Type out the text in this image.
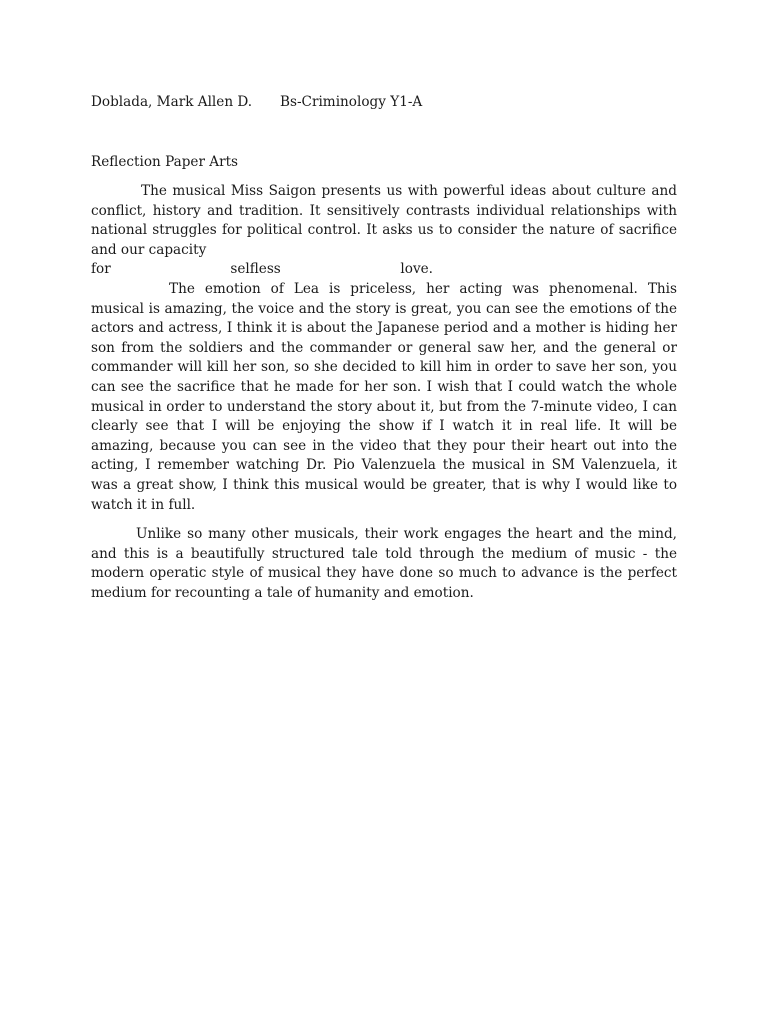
Doblada, Mark Allen D. Bs-Criminology Y1-A
Reflection Paper Arts

The musical Miss Saigon presents us with powerful ideas about culture and conflict, history and tradition. It sensitively contrasts individual relationships with national struggles for political control. It asks us to consider the nature of sacrifice and our capacity

for	selfless	love.

The emotion of Lea is priceless, her acting was phenomenal. This musical is amazing, the voice and the story is great, you can see the emotions of the actors and actress, I think it is about the Japanese period and a mother is hiding her son from the soldiers and the commander or general saw her, and the general or commander will kill her son, so she decided to kill him in order to save her son, you can see the sacrifice that he made for her son. I wish that I could watch the whole musical in order to understand the story about it, but from the 7-minute video, I can clearly see that I will be enjoying the show if I watch it in real life. It will be amazing, because you can see in the video that they pour their heart out into the acting, I remember watching Dr. Pio Valenzuela the musical in SM Valenzuela, it was a great show, I think this musical would be greater, that is why I would like to watch it in full.

Unlike so many other musicals, their work engages the heart and the mind, and this is a beautifully structured tale told through the medium of music - the modern operatic style of musical they have done so much to advance is the perfect medium for recounting a tale of humanity and emotion.
